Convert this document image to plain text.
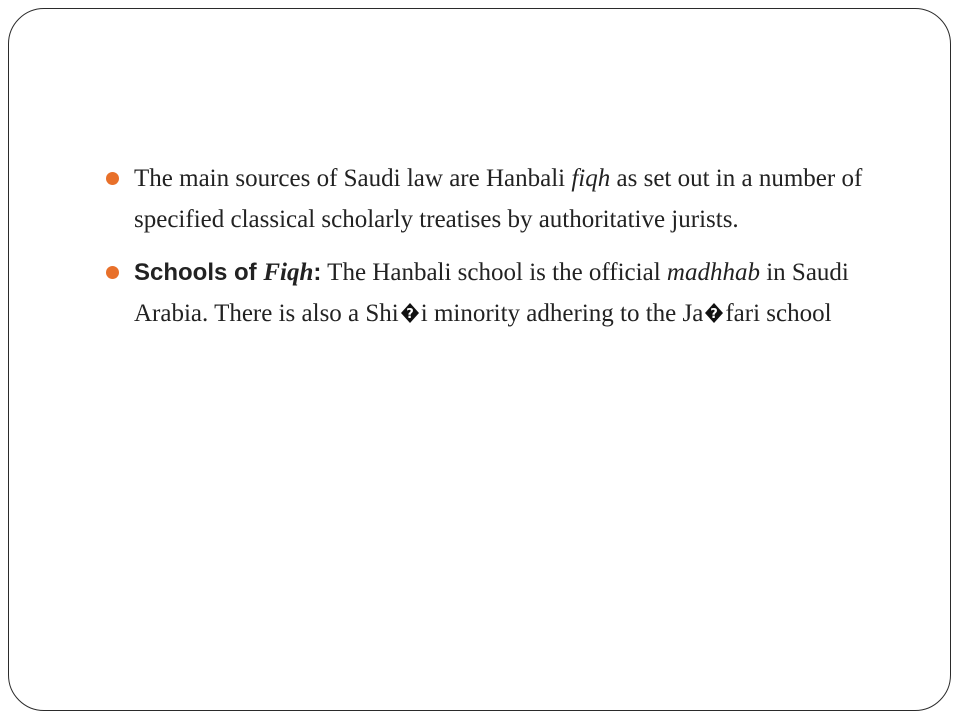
The main sources of Saudi law are Hanbali fiqh as set out in a number of specified classical scholarly treatises by authoritative jurists.
Schools of Fiqh: The Hanbali school is the official madhhab in Saudi Arabia. There is also a Shi ? i minority adhering to the Ja ? fari school
